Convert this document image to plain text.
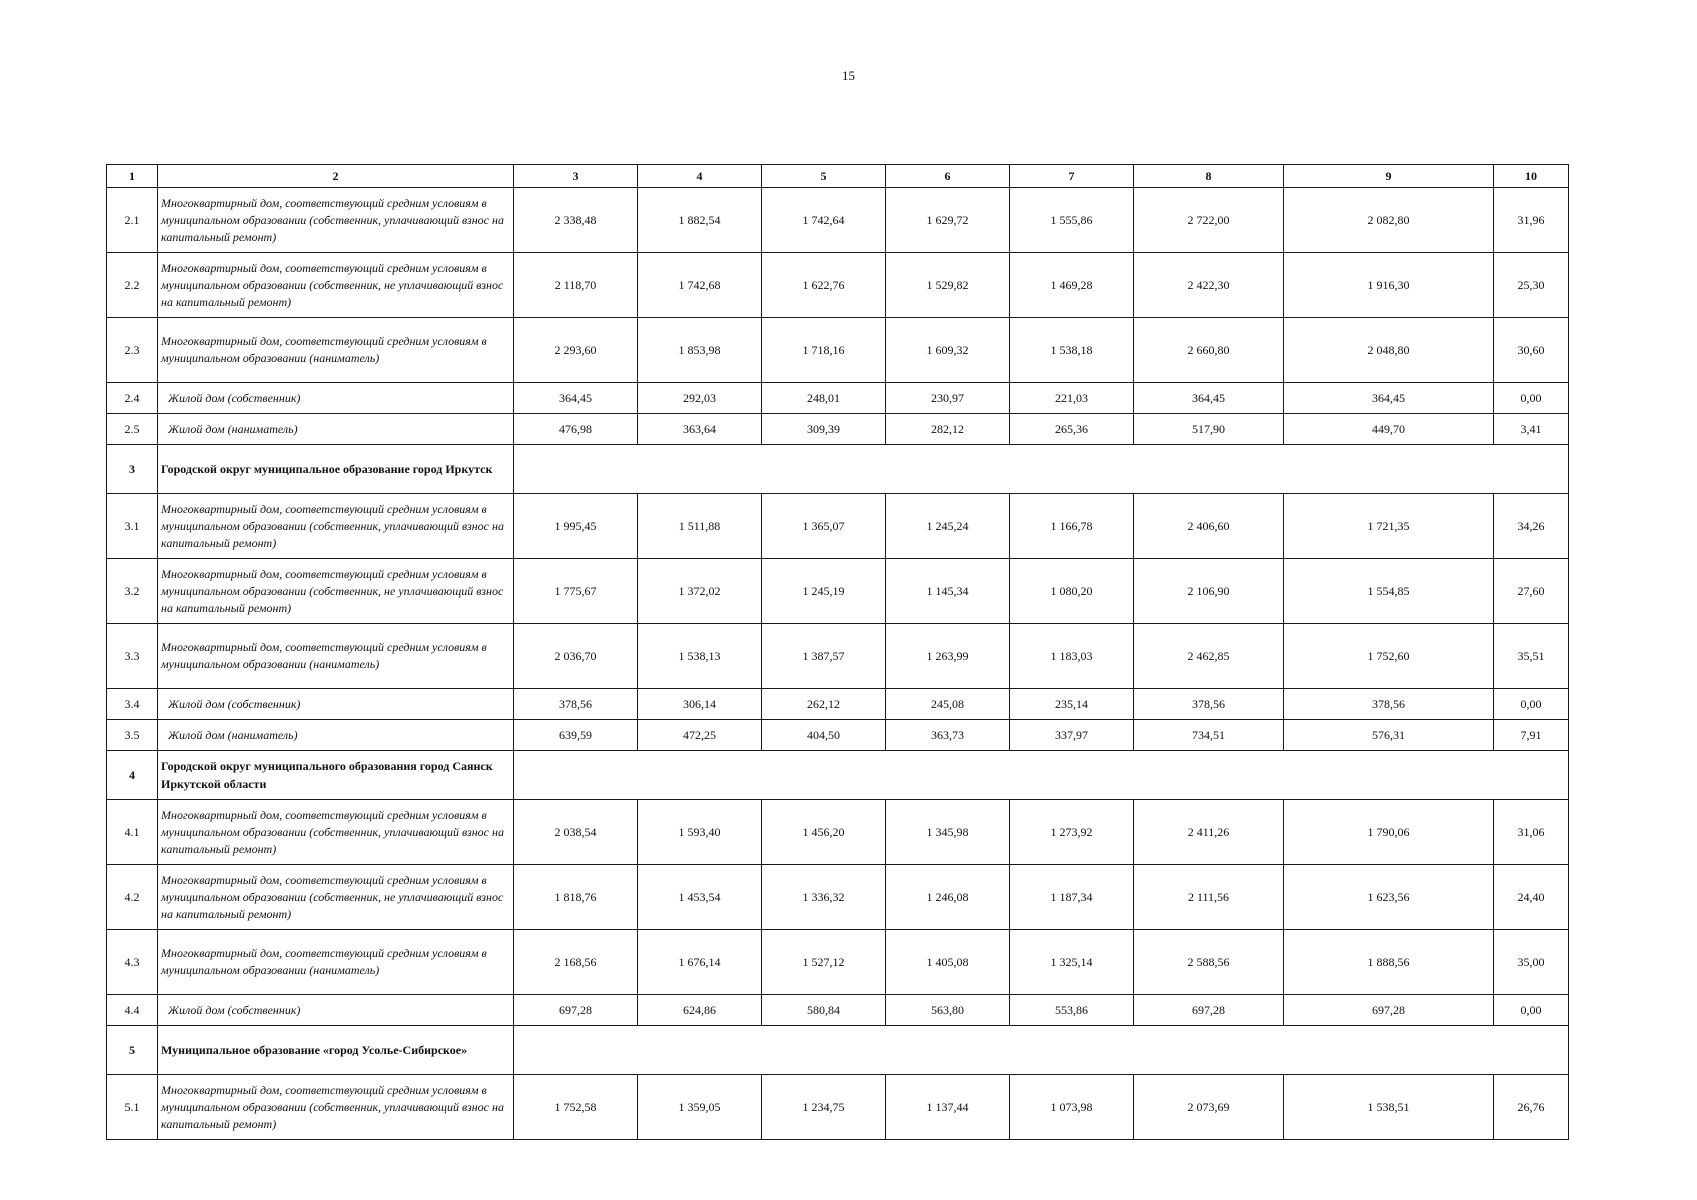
15
1	2	3	4	5	6	7	8	9	10
2.1	Многоквартирный дом, соответствующий средним условиям в муниципальном образовании (собственник, уплачивающий взнос на капитальный ремонт)	2 338,48	1 882,54	1 742,64	1 629,72	1 555,86	2 722,00	2 082,80	31,96
2.2	Многоквартирный дом, соответствующий средним условиям в муниципальном образовании (собственник, не уплачивающий взнос на капитальный ремонт)	2 118,70	1 742,68	1 622,76	1 529,82	1 469,28	2 422,30	1 916,30	25,30
2.3	Многоквартирный дом, соответствующий средним условиям в муниципальном образовании (наниматель)	2 293,60	1 853,98	1 718,16	1 609,32	1 538,18	2 660,80	2 048,80	30,60
2.4	Жилой дом (собственник)	364,45	292,03	248,01	230,97	221,03	364,45	364,45	0,00
2.5	Жилой дом (наниматель)	476,98	363,64	309,39	282,12	265,36	517,90	449,70	3,41
3	Городской округ муниципальное образование город Иркутск								
3.1	Многоквартирный дом, соответствующий средним условиям в муниципальном образовании (собственник, уплачивающий взнос на капитальный ремонт)	1 995,45	1 511,88	1 365,07	1 245,24	1 166,78	2 406,60	1 721,35	34,26
3.2	Многоквартирный дом, соответствующий средним условиям в муниципальном образовании (собственник, не уплачивающий взнос на капитальный ремонт)	1 775,67	1 372,02	1 245,19	1 145,34	1 080,20	2 106,90	1 554,85	27,60
3.3	Многоквартирный дом, соответствующий средним условиям в муниципальном образовании (наниматель)	2 036,70	1 538,13	1 387,57	1 263,99	1 183,03	2 462,85	1 752,60	35,51
3.4	Жилой дом (собственник)	378,56	306,14	262,12	245,08	235,14	378,56	378,56	0,00
3.5	Жилой дом (наниматель)	639,59	472,25	404,50	363,73	337,97	734,51	576,31	7,91
4	Городской округ муниципального образования город Саянск Иркутской области								
4.1	Многоквартирный дом, соответствующий средним условиям в муниципальном образовании (собственник, уплачивающий взнос на капитальный ремонт)	2 038,54	1 593,40	1 456,20	1 345,98	1 273,92	2 411,26	1 790,06	31,06
4.2	Многоквартирный дом, соответствующий средним условиям в муниципальном образовании (собственник, не уплачивающий взнос на капитальный ремонт)	1 818,76	1 453,54	1 336,32	1 246,08	1 187,34	2 111,56	1 623,56	24,40
4.3	Многоквартирный дом, соответствующий средним условиям в муниципальном образовании (наниматель)	2 168,56	1 676,14	1 527,12	1 405,08	1 325,14	2 588,56	1 888,56	35,00
4.4	Жилой дом (собственник)	697,28	624,86	580,84	563,80	553,86	697,28	697,28	0,00
5	Муниципальное образование «город Усолье-Сибирское»								
5.1	Многоквартирный дом, соответствующий средним условиям в муниципальном образовании (собственник, уплачивающий взнос на капитальный ремонт)	1 752,58	1 359,05	1 234,75	1 137,44	1 073,98	2 073,69	1 538,51	26,76
